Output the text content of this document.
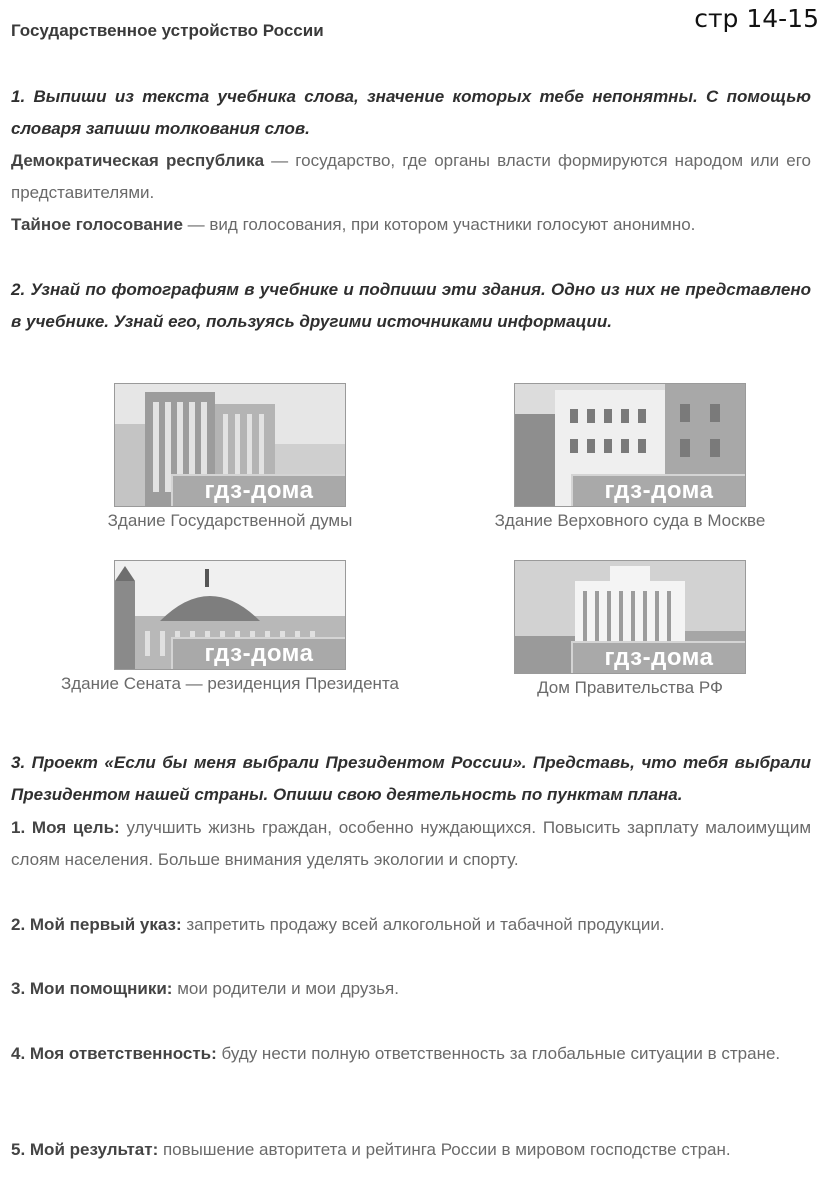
Государственное устройство России	стр 14-15
1. Выпиши из текста учебника слова, значение которых тебе непонятны. С помощью словаря запиши толкования слов.
Демократическая республика — государство, где органы власти формируются народом или его представителями.
Тайное голосование — вид голосования, при котором участники голосуют анонимно.
2. Узнай по фотографиям в учебнике и подпиши эти здания. Одно из них не представлено в учебнике. Узнай его, пользуясь другими источниками информации.
гдз-дома
Здание Государственной думы
гдз-дома
Здание Верховного суда в Москве
гдз-дома
Здание Сената — резиденция Президента
гдз-дома
Дом Правительства РФ
3. Проект «Если бы меня выбрали Президентом России». Представь, что тебя выбрали Президентом нашей страны. Опиши свою деятельность по пунктам плана.
1. Моя цель: улучшить жизнь граждан, особенно нуждающихся. Повысить зарплату малоимущим слоям населения. Больше внимания уделять экологии и спорту.
2. Мой первый указ: запретить продажу всей алкогольной и табачной продукции.
3. Мои помощники: мои родители и мои друзья.
4. Моя ответственность: буду нести полную ответственность за глобальные ситуации в стране.
5. Мой результат: повышение авторитета и рейтинга России в мировом господстве стран.
